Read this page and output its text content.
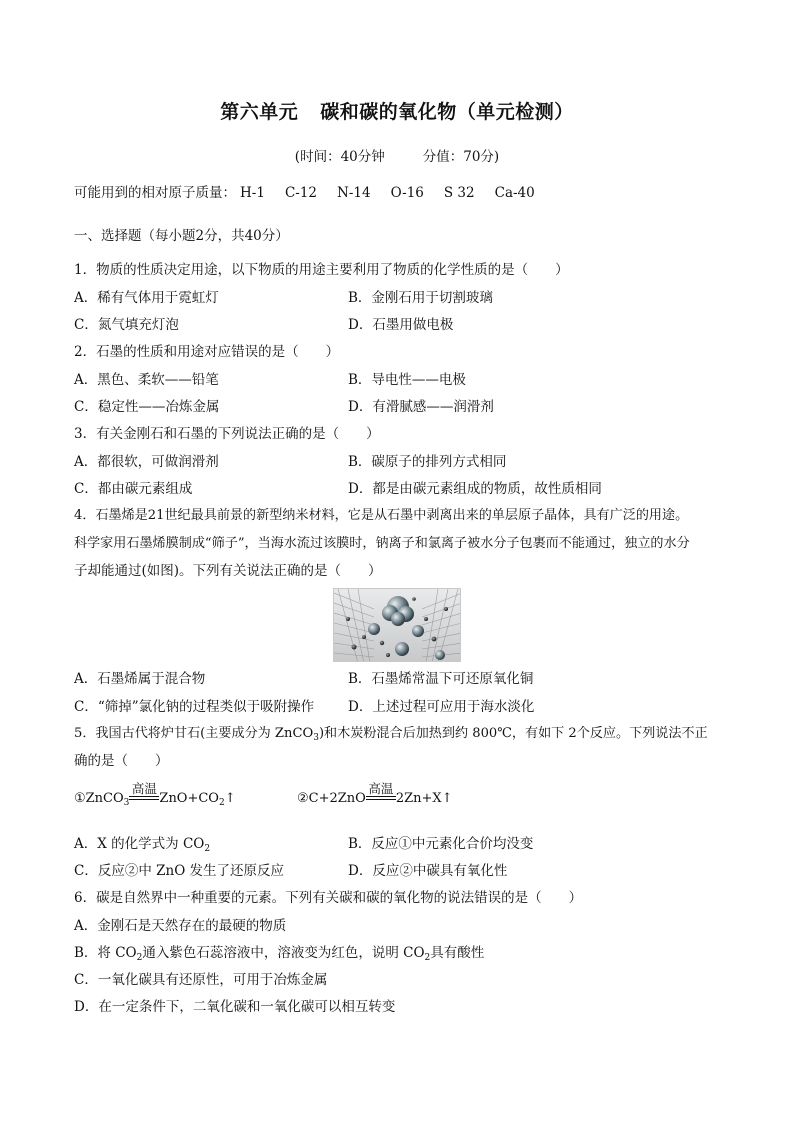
第六单元 碳和碳的氧化物（单元检测）
(时间：40分钟	分值：70分)
可能用到的相对原子质量： H-1 C-12 N-14 O-16 S 32 Ca-40
一、选择题（每小题2分，共40分）
1．物质的性质决定用途，以下物质的用途主要利用了物质的化学性质的是（　　）
A．稀有气体用于霓虹灯	B．金刚石用于切割玻璃
C．氮气填充灯泡	D．石墨用做电极
2．石墨的性质和用途对应错误的是（　　）
A．黑色、柔软——铅笔	B．导电性——电极
C．稳定性——冶炼金属	D．有滑腻感——润滑剂
3．有关金刚石和石墨的下列说法正确的是（　　）
A．都很软，可做润滑剂	B．碳原子的排列方式相同
C．都由碳元素组成	D．都是由碳元素组成的物质，故性质相同
4．石墨烯是21世纪最具前景的新型纳米材料，它是从石墨中剥离出来的单层原子晶体，具有广泛的用途。
科学家用石墨烯膜制成“筛子”，当海水流过该膜时，钠离子和氯离子被水分子包裹而不能通过，独立的水分
子却能通过(如图)。下列有关说法正确的是（　　）
A．石墨烯属于混合物	B．石墨烯常温下可还原氧化铜
C．“筛掉”氯化钠的过程类似于吸附操作	D．上述过程可应用于海水淡化
5．我国古代将炉甘石(主要成分为 ZnCO$_3$)和木炭粉混合后加热到约 800℃，有如下 2个反应。下列说法不正
确的是（　　）
①ZnCO$_3$
高温
$ZnO+CO_2↑$	②C+2ZnO
高温
2Zn+X↑
A．X 的化学式为 $CO_2$	B．反应①中元素化合价均没变
C．反应②中 ZnO 发生了还原反应	D．反应②中碳具有氧化性
6．碳是自然界中一种重要的元素。下列有关碳和碳的氧化物的说法错误的是（　　）
A．金刚石是天然存在的最硬的物质
B．将 $CO_2$通入紫色石蕊溶液中，溶液变为红色，说明 $CO_2$具有酸性
C．一氧化碳具有还原性，可用于冶炼金属
D．在一定条件下，二氧化碳和一氧化碳可以相互转变
